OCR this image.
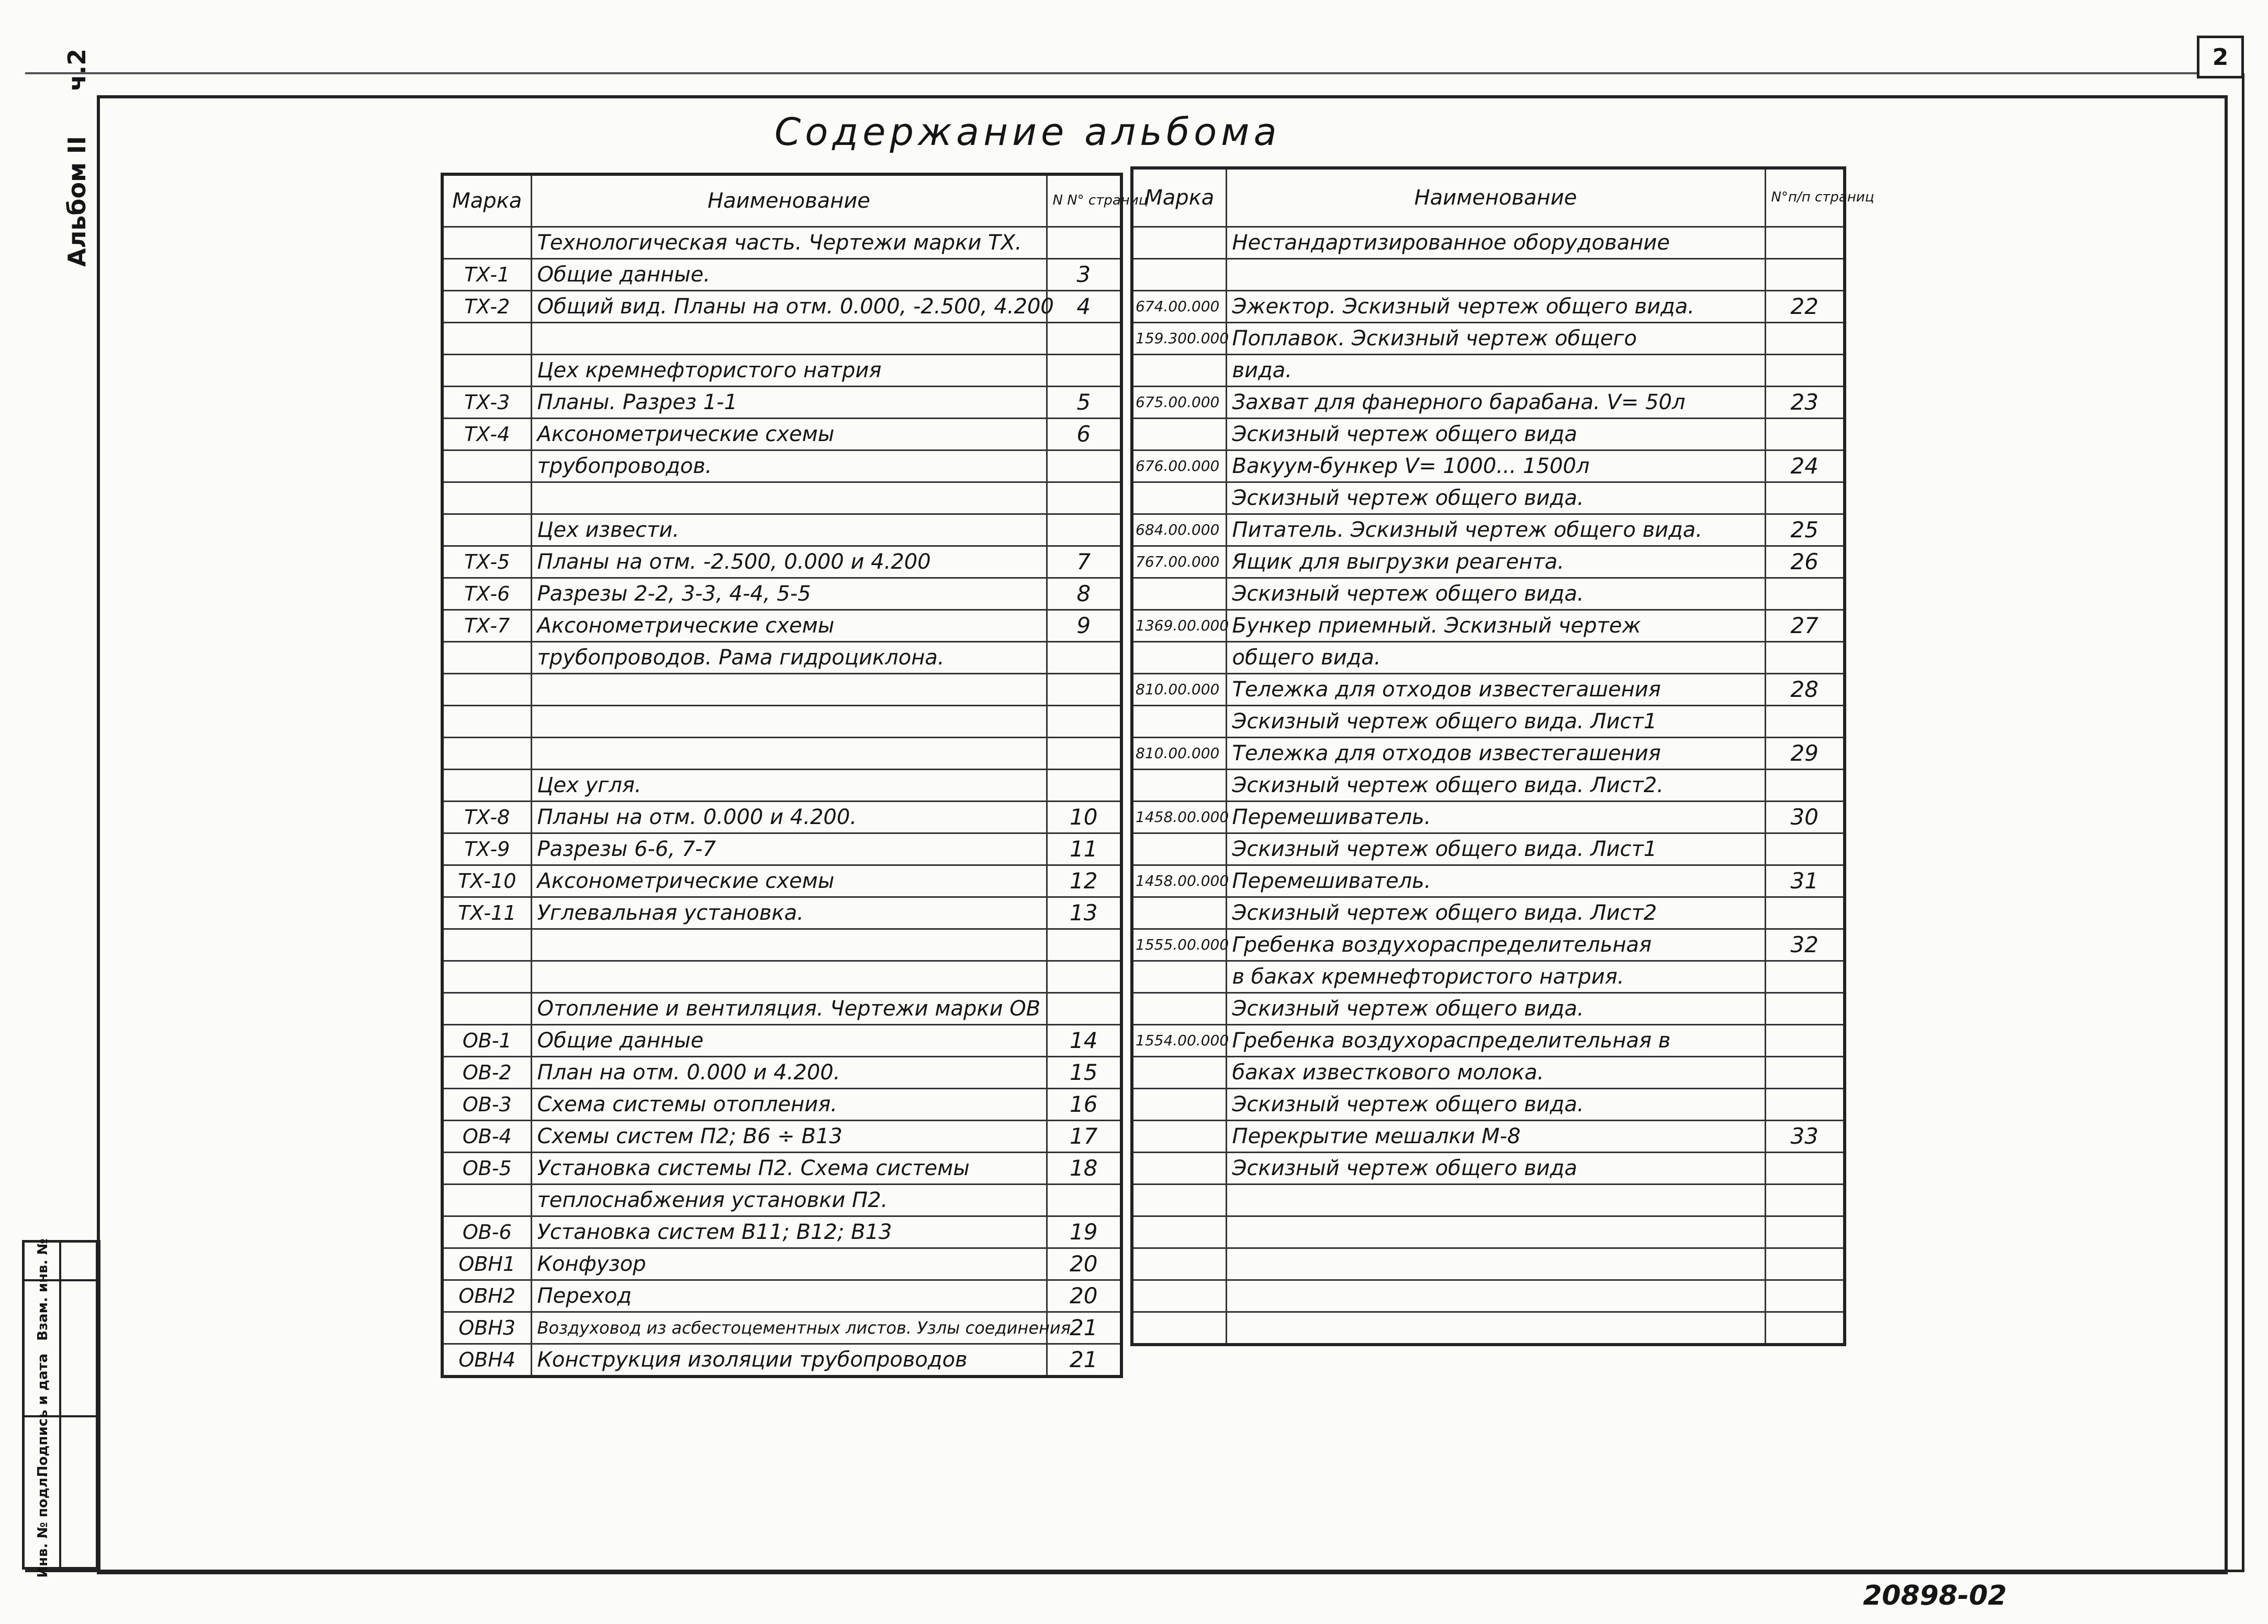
2
Альбом II ч.2
Инв. № подл.
Подпись и дата
Взам. инв. №
Содержание альбома
Марка	Наименование	N N° страниц
	Технологическая часть. Чертежи марки ТХ.	
ТХ-1	Общие данные.	3
ТХ-2	Общий вид. Планы на отм. 0.000, -2.500, 4.200	4

	Цех кремнефтористого натрия	
ТХ-3	Планы. Разрез 1-1	5
ТХ-4	Аксонометрические схемы	6
	трубопроводов.	

	Цех извести.	
ТХ-5	Планы на отм. -2.500, 0.000 и 4.200	7
ТХ-6	Разрезы 2-2, 3-3, 4-4, 5-5	8
ТХ-7	Аксонометрические схемы	9
	трубопроводов. Рама гидроциклона.	

	Цех угля.	
ТХ-8	Планы на отм. 0.000 и 4.200.	10
ТХ-9	Разрезы 6-6, 7-7	11
ТХ-10	Аксонометрические схемы	12
ТХ-11	Углевальная установка.	13

	Отопление и вентиляция. Чертежи марки ОВ	
ОВ-1	Общие данные	14
ОВ-2	План на отм. 0.000 и 4.200.	15
ОВ-3	Схема системы отопления.	16
ОВ-4	Схемы систем П2; В6 ÷ В13	17
ОВ-5	Установка системы П2. Схема системы	18
	теплоснабжения установки П2.	
ОВ-6	Установка систем В11; В12; В13	19
ОВН1	Конфузор	20
ОВН2	Переход	20
ОВН3	Воздуховод из асбестоцементных листов. Узлы соединения	21
ОВН4	Конструкция изоляции трубопроводов	21
Марка	Наименование	N°п/п страниц
	Нестандартизированное оборудование	

674.00.000	Эжектор. Эскизный чертеж общего вида.	22
159.300.000	Поплавок. Эскизный чертеж общего	
	вида.	
675.00.000	Захват для фанерного барабана. V= 50л	23
	Эскизный чертеж общего вида	
676.00.000	Вакуум-бункер V= 1000... 1500л	24
	Эскизный чертеж общего вида.	
684.00.000	Питатель. Эскизный чертеж общего вида.	25
767.00.000	Ящик для выгрузки реагента.	26
	Эскизный чертеж общего вида.	
1369.00.000	Бункер приемный. Эскизный чертеж	27
	общего вида.	
810.00.000	Тележка для отходов известегашения	28
	Эскизный чертеж общего вида. Лист1	
810.00.000	Тележка для отходов известегашения	29
	Эскизный чертеж общего вида. Лист2.	
1458.00.000	Перемешиватель.	30
	Эскизный чертеж общего вида. Лист1	
1458.00.000	Перемешиватель.	31
	Эскизный чертеж общего вида. Лист2	
1555.00.000	Гребенка воздухораспределительная	32
	в баках кремнефтористого натрия.	
	Эскизный чертеж общего вида.	
1554.00.000	Гребенка воздухораспределительная в	
	баках известкового молока.	
	Эскизный чертеж общего вида.	
	Перекрытие мешалки М-8	33
	Эскизный чертеж общего вида	

20898-02
